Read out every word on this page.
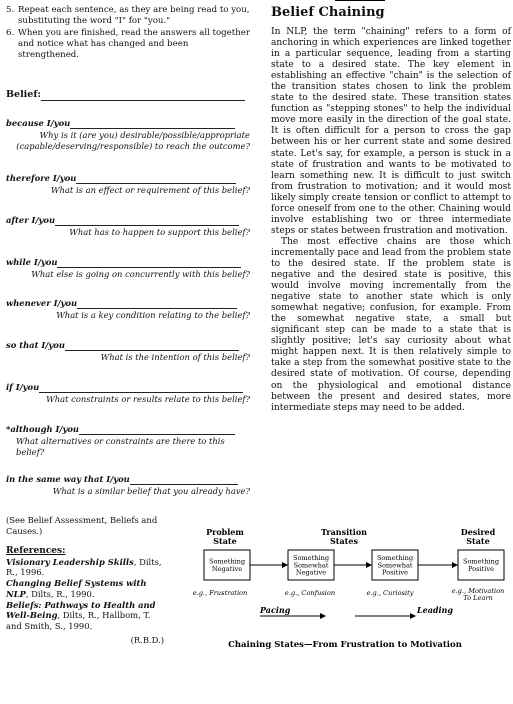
5. Repeat each sentence, as they are being read to you, substituting the word "I" for "you."
6. When you are finished, read the answers all together and notice what has changed and been strengthened.
Belief:
because I/you
Why is it (are you) desirable/possible/appropriate (capable/deserving/responsible) to reach the outcome?
therefore I/you
What is an effect or requirement of this belief?
after I/you
What has to happen to support this belief?
while I/you
What else is going on concurrently with this belief?
whenever I/you
What is a key condition relating to the belief?
so that I/you
What is the intention of this belief?
if I/you
What constraints or results relate to this belief?
*although I/you
What alternatives or constraints are there to this belief?
in the same way that I/you
What is a similar belief that you already have?
(See Belief Assessment, Beliefs and Causes.)
References:
Visionary Leadership Skills, Dilts, R., 1996.
Changing Belief Systems with NLP, Dilts, R., 1990.
Beliefs: Pathways to Health and Well-Being, Dilts, R., Hallbom, T. and Smith, S., 1990.
(R.B.D.)
Belief Chaining

In NLP, the term "chaining" refers to a form of anchoring in which experiences are linked together in a particular sequence, leading from a starting state to a desired state. The key element in establishing an effective "chain" is the selection of the transition states chosen to link the problem state to the desired state. These transition states function as "stepping stones" to help the individual move more easily in the direction of the goal state. It is often difficult for a person to cross the gap between his or her current state and some desired state. Let's say, for example, a person is stuck in a state of frustration and wants to be motivated to learn something new. It is difficult to just switch from frustration to motivation; and it would most likely simply create tension or conflict to attempt to force oneself from one to the other. Chaining would involve establishing two or three intermediate steps or states between frustration and motivation.

The most effective chains are those which incrementally pace and lead from the problem state to the desired state. If the problem state is negative and the desired state is positive, this would involve moving incrementally from the negative state to another state which is only somewhat negative; confusion, for example. From the somewhat negative state, a small but significant step can be made to a state that is slightly positive; let's say curiosity about what might happen next. It is then relatively simple to take a step from the somewhat positive state to the desired state of motivation. Of course, depending on the physiological and emotional distance between the present and desired states, more intermediate steps may need to be added.

Problem State
Transition States
Desired State
Something Negative
Something Somewhat Negative
Something Somewhat Positive
Something Positive
e.g., Frustration	e.g., Confusion	e.g., Curiosity	e.g., Motivation To Learn
Pacing	Leading
Chaining States—From Frustration to Motivation
